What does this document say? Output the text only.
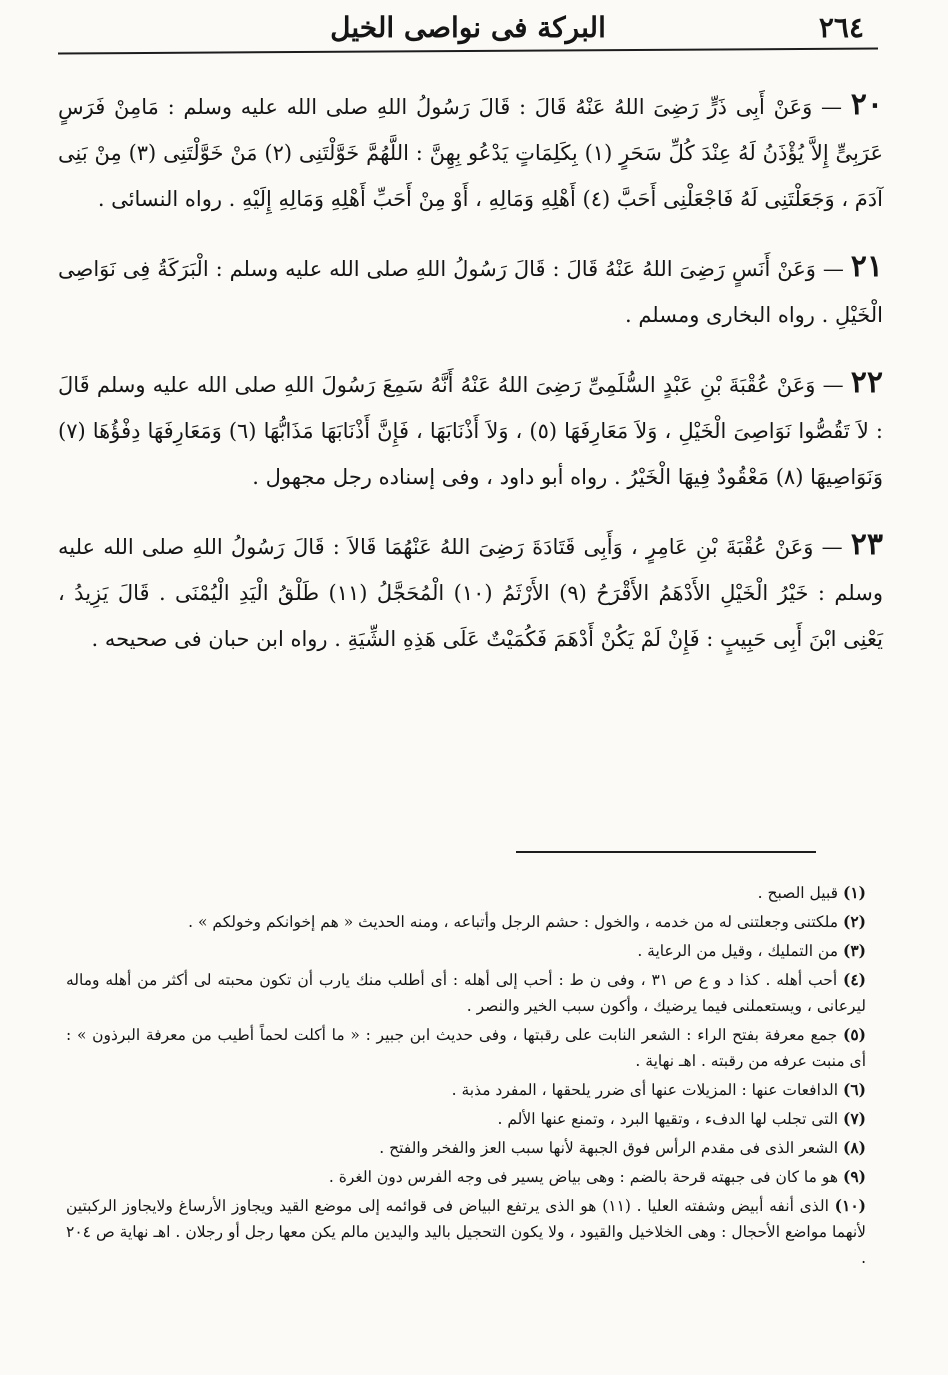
٢٦٤
البركة فى نواصى الخيل

٢٠ — وَعَنْ أَبِى ذَرٍّ رَضِىَ اللهُ عَنْهُ قَالَ : قَالَ رَسُولُ اللهِ صلى الله عليه وسلم : مَامِنْ فَرَسٍ عَرَبِىٍّ إِلاَّ يُؤْذَنُ لَهُ عِنْدَ كُلِّ سَحَرٍ (١) بِكَلِمَاتٍ يَدْعُو بِهِنَّ : اللَّهُمَّ خَوَّلْتَنِى (٢) مَنْ خَوَّلْتَنِى (٣) مِنْ بَنِى آدَمَ ، وَجَعَلْتَنِى لَهُ فَاجْعَلْنِى أَحَبَّ (٤) أَهْلِهِ وَمَالِهِ ، أَوْ مِنْ أَحَبِّ أَهْلِهِ وَمَالِهِ إِلَيْهِ . رواه النسائى .

٢١ — وَعَنْ أَنَسٍ رَضِىَ اللهُ عَنْهُ قَالَ : قَالَ رَسُولُ اللهِ صلى الله عليه وسلم : الْبَرَكَةُ فِى نَوَاصِى الْخَيْلِ . رواه البخارى ومسلم .

٢٢ — وَعَنْ عُقْبَةَ بْنِ عَبْدٍ السُّلَمِىِّ رَضِىَ اللهُ عَنْهُ أَنَّهُ سَمِعَ رَسُولَ اللهِ صلى الله عليه وسلم قَالَ : لاَ تَقُصُّوا نَوَاصِىَ الْخَيْلِ ، وَلاَ مَعَارِفَهَا (٥) ، وَلاَ أَذْنَابَهَا ، فَإِنَّ أَذْنَابَهَا مَذَابُّهَا (٦) وَمَعَارِفَهَا دِفْؤُهَا (٧) وَنَوَاصِيهَا (٨) مَعْقُودٌ فِيهَا الْخَيْرُ . رواه أبو داود ، وفى إسناده رجل مجهول .

٢٣ — وَعَنْ عُقْبَةَ بْنِ عَامِرٍ ، وَأَبِى قَتَادَةَ رَضِىَ اللهُ عَنْهُمَا قَالاَ : قَالَ رَسُولُ اللهِ صلى الله عليه وسلم : خَيْرُ الْخَيْلِ الأَدْهَمُ الأَقْرَحُ (٩) الأَرْثَمُ (١٠) الْمُحَجَّلُ (١١) طَلْقُ الْيَدِ الْيُمْنَى . قَالَ يَزِيدُ ، يَعْنِى ابْنَ أَبِى حَبِيبٍ : فَإِنْ لَمْ يَكُنْ أَدْهَمَ فَكُمَيْتٌ عَلَى هَذِهِ الشِّيَةِ . رواه ابن حبان فى صحيحه .

(١) قبيل الصبح .

(٢) ملكتنى وجعلتنى له من خدمه ، والخول : حشم الرجل وأتباعه ، ومنه الحديث « هم إخوانكم وخولكم » .

(٣) من التمليك ، وقيل من الرعاية .

(٤) أحب أهله . كذا د و ع ص ٣١ ، وفى ن ط : أحب إلى أهله : أى أطلب منك يارب أن تكون محبته لى أكثر من أهله وماله ليرعانى ، ويستعملنى فيما يرضيك ، وأكون سبب الخير والنصر .

(٥) جمع معرفة بفتح الراء : الشعر النابت على رقبتها ، وفى حديث ابن جبير : « ما أكلت لحماً أطيب من معرفة البرذون » : أى منبت عرفه من رقبته . اهـ نهاية .

(٦) الدافعات عنها : المزيلات عنها أى ضرر يلحقها ، المفرد مذبة .

(٧) التى تجلب لها الدفء ، وتقيها البرد ، وتمنع عنها الألم .

(٨) الشعر الذى فى مقدم الرأس فوق الجبهة لأنها سبب العز والفخر والفتح .

(٩) هو ما كان فى جبهته قرحة بالضم : وهى بياض يسير فى وجه الفرس دون الغرة .

(١٠) الذى أنفه أبيض وشفته العليا . (١١) هو الذى يرتفع البياض فى قوائمه إلى موضع القيد ويجاوز الأرساغ ولايجاوز الركبتين لأنهما مواضع الأحجال : وهى الخلاخيل والقيود ، ولا يكون التحجيل باليد واليدين مالم يكن معها رجل أو رجلان . اهـ نهاية ص ٢٠٤ .
